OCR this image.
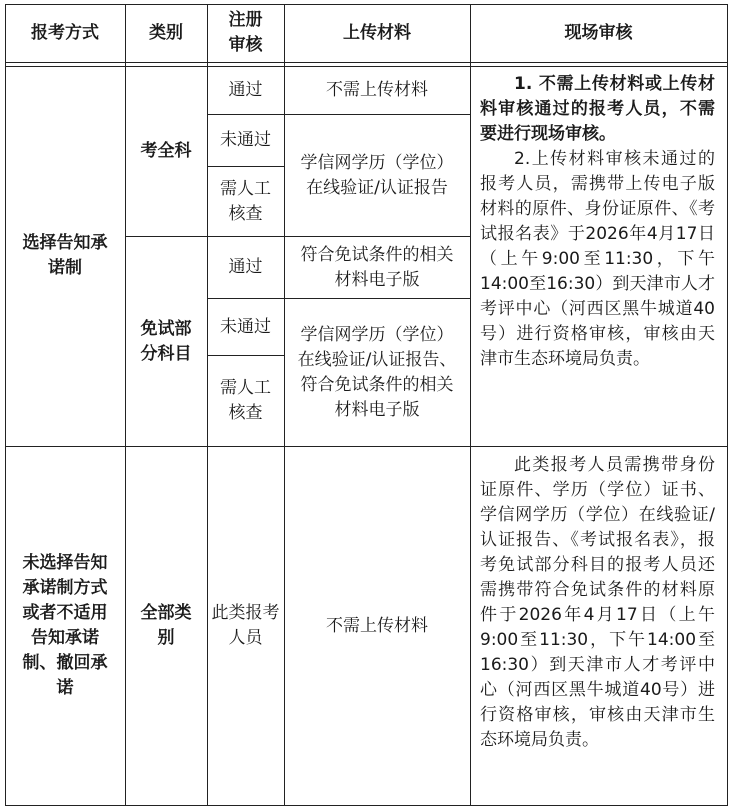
报考方式	类别
注册审核
上传材料	现场审核
选择告知承诺制
考全科
免试部分科目
通过
未通过
需人工核查
通过
未通过
需人工核查
不需上传材料
学信网学历（学位）在线验证/认证报告
符合免试条件的相关材料电子版
学信网学历（学位）在线验证/认证报告、符合免试条件的相关材料电子版

1. 不需上传材料或上传材料审核通过的报考人员，不需要进行现场审核。

2.上传材料审核未通过的报考人员，需携带上传电子版材料的原件、身份证原件、《考试报名表》于2026年4月17日（上午9:00至11:30，下午14:00至16:30）到天津市人才考评中心（河西区黑牛城道40号）进行资格审核，审核由天津市生态环境局负责。

未选择告知承诺制方式或者不适用告知承诺制、撤回承诺
全部类别
此类报考人员
不需上传材料

此类报考人员需携带身份证原件、学历（学位）证书、学信网学历（学位）在线验证/认证报告、《考试报名表》，报考免试部分科目的报考人员还需携带符合免试条件的材料原件于2026年4月17日（上午9:00至11:30，下午14:00至16:30）到天津市人才考评中心（河西区黑牛城道40号）进行资格审核，审核由天津市生态环境局负责。
